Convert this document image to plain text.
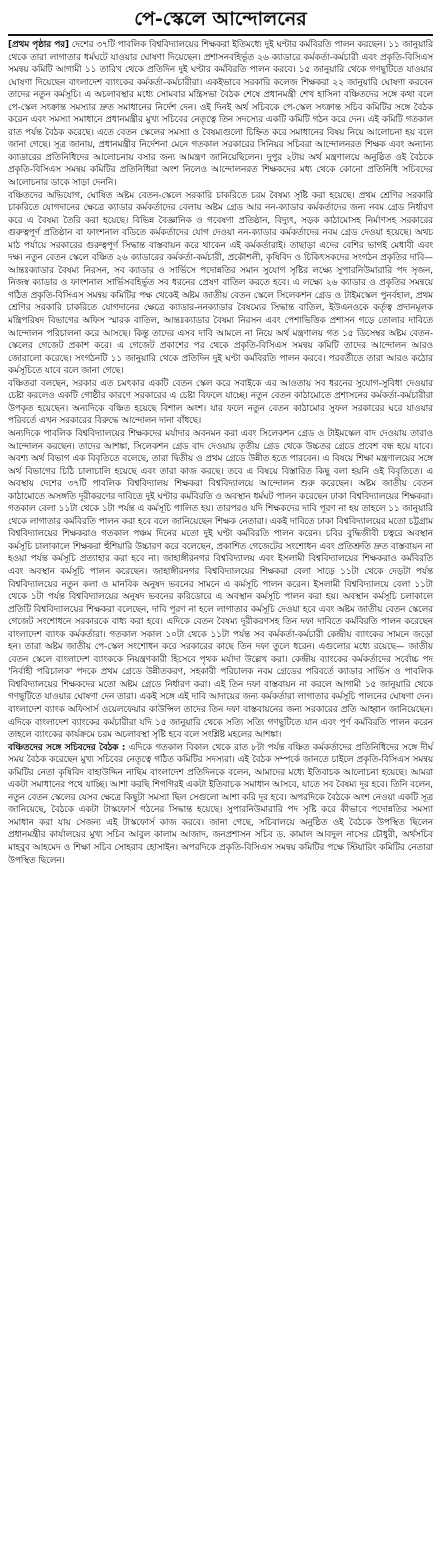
পে-স্কেলে আন্দোলনের

[প্রথম পৃষ্ঠার পর] দেশের ৩৭টি পাবলিক বিশ্ববিদ্যালয়ের শিক্ষকরা ইতিমধ্যে দুই ঘণ্টার কর্মবিরতি পালন করছেন। ১১ জানুয়ারি থেকে তারা লাগাতার ধর্মঘটে যাওয়ার ঘোষণা দিয়েছেন। প্রশাসনবহির্ভূত ২৬ ক্যাডারে কর্মকর্তা-কর্মচারী এবং প্রকৃতি-বিসিএস সমন্বয় কমিটি আগামী ১১ তারিখ থেকে প্রতিদিন দুই ঘণ্টার কর্মবিরতি পালন করবে। ১৫ জানুয়ারি থেকে গণছুটিতে যাওয়ার ঘোষণা দিয়েছেন বাংলাদেশ ব্যাংকের কর্মকর্তা-কর্মচারীরা। একইভাবে সরকারি কলেজ শিক্ষকরা ২২ জানুয়ারি ঘোষণা করবেন তাদের নতুন কর্মসূচি। এ অচলাবস্থার মধ্যে সোমবার মন্ত্রিসভা বৈঠক শেষে প্রধানমন্ত্রী শেখ হাসিনা বঞ্চিতদের সঙ্গে কথা বলে পে-স্কেল সংক্রান্ত সমস্যার দ্রুত সমাধানের নির্দেশ দেন। ওই দিনই অর্থ সচিবকে পে-স্কেল সংক্রান্ত সচিব কমিটির সঙ্গে বৈঠক করেন এবং সমস্যা সমাধানে প্রধানমন্ত্রীর মুখ্য সচিবের নেতৃত্বে তিন সদস্যের একটি কমিটি গঠন করে দেন। এই কমিটি গতকাল রাত পর্যন্ত বৈঠক করেছে। এতে বেতন স্কেলের সমস্যা ও বৈষম্যগুলো চিহ্নিত করে সমাধানের বিষয় নিয়ে আলোচনা হয় বলে জানা গেছে। সূত্র জানায়, প্রধানমন্ত্রীর নির্দেশনা মেনে গতকাল সরকারের সিনিয়র সচিবরা আন্দোলনরত শিক্ষক এবং অন্যান্য ক্যাডারের প্রতিনিধিদের আলোচনায় বসার জন্য আমন্ত্রণ জানিয়েছিলেন। দুপুর ২টায় অর্থ মন্ত্রণালয়ে অনুষ্ঠিত ওই বৈঠকে প্রকৃতি-বিসিএস সমন্বয় কমিটির প্রতিনিধিরা অংশ নিলেও আন্দোলনরত শিক্ষকদের মধ্য থেকে কোনো প্রতিনিধি সচিবদের আলোচনার ডাকে সাড়া দেননি।

বঞ্চিতদের অভিযোগ, ঘোষিত অষ্টম বেতন-স্কেলে সরকারি চাকরিতে চরম বৈষম্য সৃষ্টি করা হয়েছে। প্রথম শ্রেণির সরকারি চাকরিতে যোগদানের ক্ষেত্রে ক্যাডার কর্মকর্তাদের বেলায় অষ্টম গ্রেড আর নন-ক্যাডার কর্মকর্তাদের জন্য নবম গ্রেড নির্ধারণ করে এ বৈষম্য তৈরি করা হয়েছে। বিভিন্ন বৈজ্ঞানিক ও গবেষণা প্রতিষ্ঠান, বিদ্যুৎ, সড়ক কাঠামোসহ নির্মাণসহ সরকারের গুরুত্বপূর্ণ প্রতিষ্ঠান বা ফাংশনাল বডিতে কর্মকর্তাদের যোগ দেওয়া নন-ক্যাডার কর্মকর্তাদের নবম গ্রেড দেওয়া হয়েছে। অথচ মাঠ পর্যায়ে সরকারের গুরুত্বপূর্ণ সিদ্ধান্ত বাস্তবায়ন করে থাকেন এই কর্মকর্তারাই। তাছাড়া এদের বেশির ভাগই মেধাবী এবং দক্ষ। নতুন বেতন স্কেলে বঞ্চিত ২৬ ক্যাডারের কর্মকর্তা-কর্মচারী, প্রকৌশলী, কৃষিবিদ ও চিকিৎসকদের সংগঠন প্রকৃতির দাবি— আন্তঃক্যাডার বৈষম্য নিরসন, সব ক্যাডার ও সার্ভিসে পদোন্নতির সমান সুযোগ সৃষ্টির লক্ষ্যে সুপারনিউমারারি পদ সৃজন, নিজস্ব ক্যাডার ও ফাংশনাল সার্ভিসবহির্ভূত সব ধরনের প্রেষণ বাতিল করতে হবে। এ লক্ষ্যে ২৬ ক্যাডার ও প্রকৃতির সমন্বয়ে গঠিত প্রকৃতি-বিসিএস সমন্বয় কমিটির পক্ষ থেকেই অষ্টম জাতীয় বেতন স্কেলে সিলেকশন গ্রেড ও টাইমস্কেল পুনর্বহাল, প্রথম শ্রেণির সরকারি চাকরিতে যোগদানের ক্ষেত্রে ক্যাডার-ননক্যাডার বৈষম্যের সিদ্ধান্ত বাতিল, ইউএনওকে কর্তৃত্ব প্রদানমূলক মন্ত্রিপরিষদ বিভাগের অফিস স্মারক বাতিল, আন্তঃক্যাডার বৈষম্য নিরসন এবং পেশাভিত্তিক প্রশাসন গড়ে তোলার দাবিতে আন্দোলন পরিচালনা করে আসছে। কিন্তু তাদের এসব দাবি আমলে না নিয়ে অর্থ মন্ত্রণালয় গত ১৫ ডিসেম্বর অষ্টম বেতন-স্কেলের গেজেট প্রকাশ করে। এ গেজেট প্রকাশের পর থেকে প্রকৃতি-বিসিএস সমন্বয় কমিটি তাদের আন্দোলন আরও জোরালো করেছে। সংগঠনটি ১১ জানুয়ারি থেকে প্রতিদিন দুই ঘণ্টা কর্মবিরতি পালন করবে। পরবর্তীতে তারা আরও কঠোর কর্মসূচিতে যাবে বলে জানা গেছে।

বঞ্চিতরা বলছেন, সরকার এত চমৎকার একটি বেতন স্কেল করে সবাইকে এর আওতায় সব ধরনের সুযোগ-সুবিধা দেওয়ার চেষ্টা করলেও একটি গোষ্ঠীর কারণে সরকারের এ চেষ্টা বিফলে যাচ্ছে। নতুন বেতন কাঠামোতে প্রশাসনের কর্মকর্তা-কর্মচারীরা উপকৃত হয়েছেন। অন্যদিকে বঞ্চিত হয়েছে বিশাল অংশ। যার ফলে নতুন বেতন কাঠামোর সুফল সরকারের ঘরে যাওয়ার পরিবর্তে এখন সরকারের বিরুদ্ধে আন্দোলন দানা বাঁধছে।

অন্যদিকে পাবলিক বিশ্ববিদ্যালয়ের শিক্ষকদের মর্যাদার অবনমন করা এবং সিলেকশন গ্রেড ও টাইমস্কেল বাদ দেওয়ায় তারাও আন্দোলন করছেন। তাদের আশঙ্কা, সিলেকশন গ্রেড বাদ দেওয়ায় তৃতীয় গ্রেড থেকে উচ্চতর গ্রেডে প্রবেশ বন্ধ হয়ে যাবে। অবশ্য অর্থ বিভাগ এক বিবৃতিতে বলেছে, তারা দ্বিতীয় ও প্রথম গ্রেডে উন্নীত হতে পারবেন। এ বিষয়ে শিক্ষা মন্ত্রণালয়ের সঙ্গে অর্থ বিভাগের চিঠি চালাচালি হয়েছে এবং তারা কাজ করছে। তবে এ বিষয়ে বিস্তারিত কিছু বলা হয়নি ওই বিবৃতিতে। এ অবস্থায় দেশের ৩৭টি পাবলিক বিশ্ববিদ্যালয় শিক্ষকরা বিশ্ববিদ্যালয়ে আন্দোলন শুরু করেছেন। অষ্টম জাতীয় বেতন কাঠামোতে অসঙ্গতি দূরীকরণের দাবিতে দুই ঘণ্টার কর্মবিরতি ও অবস্থান ধর্মঘট পালন করেছেন ঢাকা বিশ্ববিদ্যালয়ের শিক্ষকরা। গতকাল বেলা ১১টা থেকে ১টা পর্যন্ত এ কর্মসূচি পালিত হয়। তারপরও যদি শিক্ষকদের দাবি পূরণ না হয় তাহলে ১১ জানুয়ারি থেকে লাগাতার কর্মবিরতি পালন করা হবে বলে জানিয়েছেন শিক্ষক নেতারা। একই দাবিতে ঢাকা বিশ্ববিদ্যালয়ের মতো চট্টগ্রাম বিশ্ববিদ্যালয়ের শিক্ষকরাও গতকাল পঞ্চম দিনের মতো দুই ঘণ্টা কর্মবিরতি পালন করেন। চবির বুদ্ধিজীবী চত্বরে অবস্থান কর্মসূচি চালাকালে শিক্ষকরা হুঁশিয়ারি উচ্চারণ করে বলেছেন, প্রকাশিত গেজেটের সংশোধন এবং প্রতিশ্রুতি দ্রুত বাস্তবায়ন না হওয়া পর্যন্ত কর্মসূচি প্রত্যাহার করা হবে না। জাহাঙ্গীরনগর বিশ্ববিদ্যালয় এবং ইসলামী বিশ্ববিদ্যালয়ের শিক্ষকরাও কর্মবিরতি এবং অবস্থান কর্মসূচি পালন করেছেন। জাহাঙ্গীরনগর বিশ্ববিদ্যালয়ের শিক্ষকরা বেলা সাড়ে ১১টা থেকে দেড়টা পর্যন্ত বিশ্ববিদ্যালয়ের নতুন কলা ও মানবিক অনুষদ ভবনের সামনে এ কর্মসূচি পালন করেন। ইসলামী বিশ্ববিদ্যালয়ে বেলা ১১টা থেকে ১টা পর্যন্ত বিশ্ববিদ্যালয়ের অনুষদ ভবনের করিডোরে এ অবস্থান কর্মসূচি পালন করা হয়। অবস্থান কর্মসূচি চলাকালে প্রতিটি বিশ্ববিদ্যালয়ের শিক্ষকরা বলেছেন, দাবি পূরণ না হলে লাগাতার কর্মসূচি দেওয়া হবে এবং অষ্টম জাতীয় বেতন স্কেলের গেজেট সংশোধনে সরকারকে বাধ্য করা হবে। এদিকে বেতন বৈষম্য দূরীকরণসহ তিন দফা দাবিতে কর্মবিরতি পালন করেছেন বাংলাদেশ ব্যাংক কর্মকর্তারা। গতকাল সকাল ১০টা থেকে ১১টা পর্যন্ত সব কর্মকর্তা-কর্মচারী কেন্দ্রীয় ব্যাংকের সামনে জড়ো হন। তারা অষ্টম জাতীয় পে-স্কেল সংশোধন করে সরকারের কাছে তিন দফা তুলে ধরেন। এগুলোর মধ্যে রয়েছে— জাতীয় বেতন স্কেলে বাংলাদেশ ব্যাংককে নিয়ন্ত্রণকারী হিসেবে পৃথক মর্যাদা উল্লেখ করা। কেন্দ্রীয় ব্যাংকের কর্মকর্তাদের সর্বোচ্চ পদ 'নির্বাহী পরিচালক' পদকে প্রথম গ্রেডে উন্নীতকরণ, সহকারী পরিচালক নবম গ্রেডের পরিবর্তে ক্যাডার সার্ভিস ও পাবলিক বিশ্ববিদ্যালয়ের শিক্ষকদের মতো অষ্টম গ্রেডে নির্ধারণ করা। এই তিন দফা বাস্তবায়ন না করলে আগামী ১৫ জানুয়ারি থেকে গণছুটিতে যাওয়ার ঘোষণা দেন তারা। একই সঙ্গে এই দাবি আদায়ের জন্য কর্মকর্তারা লাগাতার কর্মসূচি পালনের ঘোষণা দেন। বাংলাদেশ ব্যাংক অফিসার্স ওয়েলফেয়ার কাউন্সিল তাদের তিন দফা বাস্তবায়নের জন্য সরকারের প্রতি আহ্বান জানিয়েছেন। এদিকে বাংলাদেশ ব্যাংকের কর্মচারীরা যদি ১৫ জানুয়ারি থেকে সত্যি সত্যি গণছুটিতে যান এবং পূর্ণ কর্মবিরতি পালন করেন তাহলে ব্যাংকের কার্যক্রমে চরম অচলাবস্থা সৃষ্টি হবে বলে সংশ্লিষ্ট মহলের আশঙ্কা।

বঞ্চিতদের সঙ্গে সচিবদের বৈঠক : এদিকে গতকাল বিকাল থেকে রাত ৮টা পর্যন্ত বঞ্চিত কর্মকর্তাদের প্রতিনিধিদের সঙ্গে দীর্ঘ সময় বৈঠক করেছেন মুখ্য সচিবের নেতৃত্বে গঠিত কমিটির সদস্যরা। এই বৈঠক সম্পর্কে জানতে চাইলে প্রকৃতি-বিসিএস সমন্বয় কমিটির নেতা কৃষিবিদ বাহাউদ্দিন নাছিম বাংলাদেশ প্রতিদিনকে বলেন, আমাদের মধ্যে ইতিবাচক আলোচনা হয়েছে। আমরা একটা সমাধানের পথে যাচ্ছি। আশা করছি শিগগিরই একটা ইতিবাচক সমাধান আসবে, যাতে সব বৈষম্য দূর হবে। তিনি বলেন, নতুন বেতন স্কেলের যেসব ক্ষেত্রে কিছুটা সমস্যা ছিল সেগুলো আশা করি দূর হবে। অপরদিকে বৈঠকে অংশ নেওয়া একটি সূত্র জানিয়েছে, বৈঠকে একটা টাস্কফোর্স গঠনের সিদ্ধান্ত হয়েছে। সুপারনিউমারারি পদ সৃষ্টি করে কীভাবে পদোন্নতির সমস্যা সমাধান করা যায় সেজন্য এই টাস্কফোর্স কাজ করবে। জানা গেছে, সচিবালয়ে অনুষ্ঠিত ওই বৈঠকে উপস্থিত ছিলেন প্রধানমন্ত্রীর কার্যালয়ের মুখ্য সচিব আবুল কালাম আজাদ, জনপ্রশাসন সচিব ড. কামাল আবদুল নাসের চৌধুরী, অর্থসচিব মাহবুব আহমেদ ও শিক্ষা সচিব সোহরাব হোসাইন। অপরদিকে প্রকৃতি-বিসিএস সমন্বয় কমিটির পক্ষে স্টিয়ারিং কমিটির নেতারা উপস্থিত ছিলেন।
